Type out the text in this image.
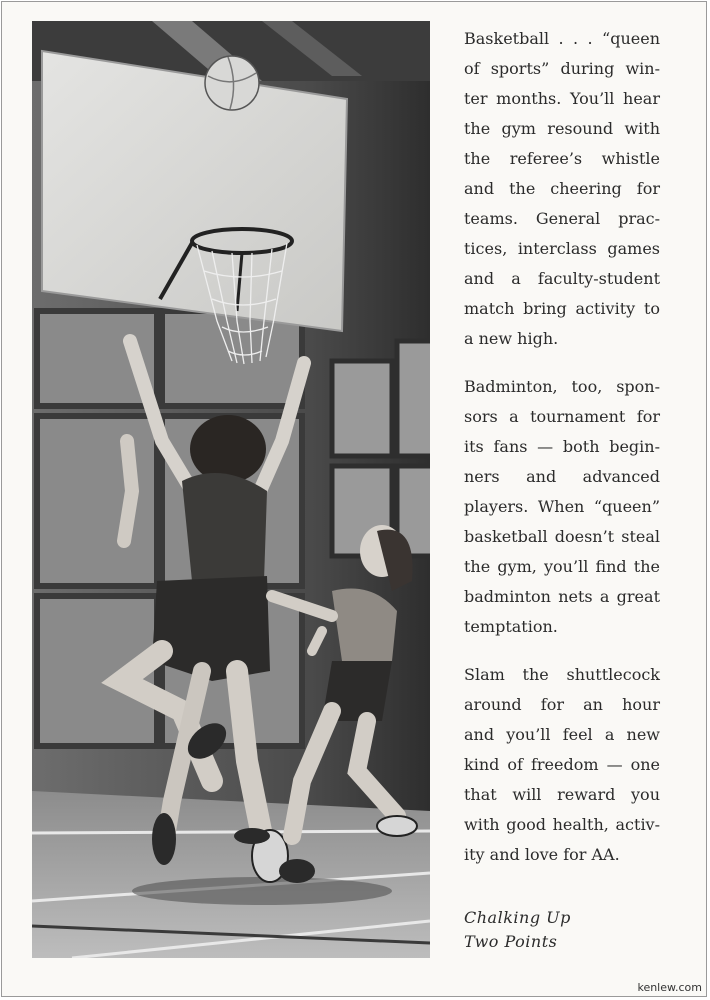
Basketball . . . “queen
of sports” during win-
ter months. You’ll hear
the gym resound with
the referee’s whistle
and the cheering for
teams. General prac-
tices, interclass games
and a faculty-student
match bring activity to
a new high.

Badminton, too, spon-
sors a tournament for
its fans — both begin-
ners and advanced
players. When “queen”
basketball doesn’t steal
the gym, you’ll find the
badminton nets a great
temptation.

Slam the shuttlecock
around for an hour
and you’ll feel a new
kind of freedom — one
that will reward you
with good health, activ-
ity and love for AA.

Chalking Up
Two Points
kenlew.com
